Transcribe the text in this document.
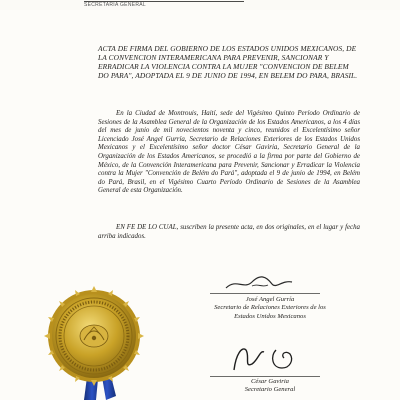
SECRETARIA GENERAL
ACTA DE FIRMA DEL GOBIERNO DE LOS ESTADOS UNIDOS MEXICANOS, DE LA CONVENCION INTERAMERICANA PARA PREVENIR, SANCIONAR Y ERRADICAR LA VIOLENCIA CONTRA LA MUJER "CONVENCION DE BELEM DO PARA", ADOPTADA EL 9 DE JUNIO DE 1994, EN BELEM DO PARA, BRASIL.
En la Ciudad de Montrouis, Haití, sede del Vigésimo Quinto Período Ordinario de Sesiones de la Asamblea General de la Organización de los Estados Americanos, a los 4 días del mes de junio de mil novecientos noventa y cinco, reunidos el Excelentísimo señor Licenciado José Angel Gurría, Secretario de Relaciones Exteriores de los Estados Unidos Mexicanos y el Excelentísimo señor doctor César Gaviria, Secretario General de la Organización de los Estados Americanos, se procedió a la firma por parte del Gobierno de México, de la Convención Interamericana para Prevenir, Sancionar y Erradicar la Violencia contra la Mujer "Convención de Belém do Pará", adoptada el 9 de junio de 1994, en Belém do Pará, Brasil, en el Vigésimo Cuarto Período Ordinario de Sesiones de la Asamblea General de esta Organización.
EN FE DE LO CUAL, suscriben la presente acta, en dos originales, en el lugar y fecha arriba indicados.
José Angel Gurría
Secretario de Relaciones Exteriores de los
Estados Unidos Mexicanos
César Gaviria
Secretario General
